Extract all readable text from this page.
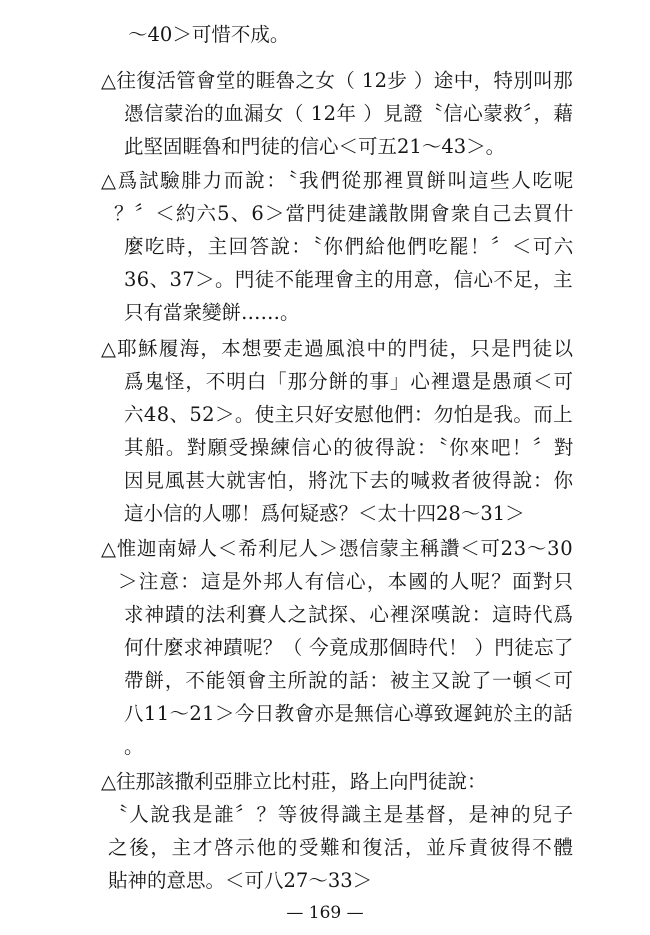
～40＞可惜不成。
△往復活管會堂的睚魯之女（ 12步 ）途中，特別叫那
憑信蒙治的血漏女（ 12年 ）見證〝信心蒙救〞，藉
此堅固睚魯和門徒的信心＜可五21～43＞。
△爲試驗腓力而說：〝我們從那裡買餅叫這些人吃呢
？〞＜約六5、6＞當門徒建議散開會衆自己去買什
麼吃時，主回答說：〝你們給他們吃罷！〞＜可六
36、37＞。門徒不能理會主的用意，信心不足，主
只有當衆變餅……。
△耶穌履海，本想要走過風浪中的門徒，只是門徒以
爲鬼怪，不明白「那分餅的事」心裡還是愚頑＜可
六48、52＞。使主只好安慰他們：勿怕是我。而上
其船。對願受操練信心的彼得說：〝你來吧！〞對
因見風甚大就害怕，將沈下去的喊救者彼得說：你
這小信的人哪！爲何疑惑？＜太十四28～31＞
△惟迦南婦人＜希利尼人＞憑信蒙主稱讚＜可23～30
＞注意：這是外邦人有信心，本國的人呢？面對只
求神蹟的法利賽人之試探、心裡深嘆說：這時代爲
何什麼求神蹟呢？（ 今竟成那個時代！ ）門徒忘了
帶餅，不能領會主所說的話：被主又說了一頓＜可
八11～21＞今日教會亦是無信心導致遲鈍於主的話
。
△往那該撒利亞腓立比村莊，路上向門徒說：
〝人說我是誰〞？等彼得識主是基督，是神的兒子
之後，主才啓示他的受難和復活，並斥責彼得不體
貼神的意思。＜可八27～33＞
— 169 —
